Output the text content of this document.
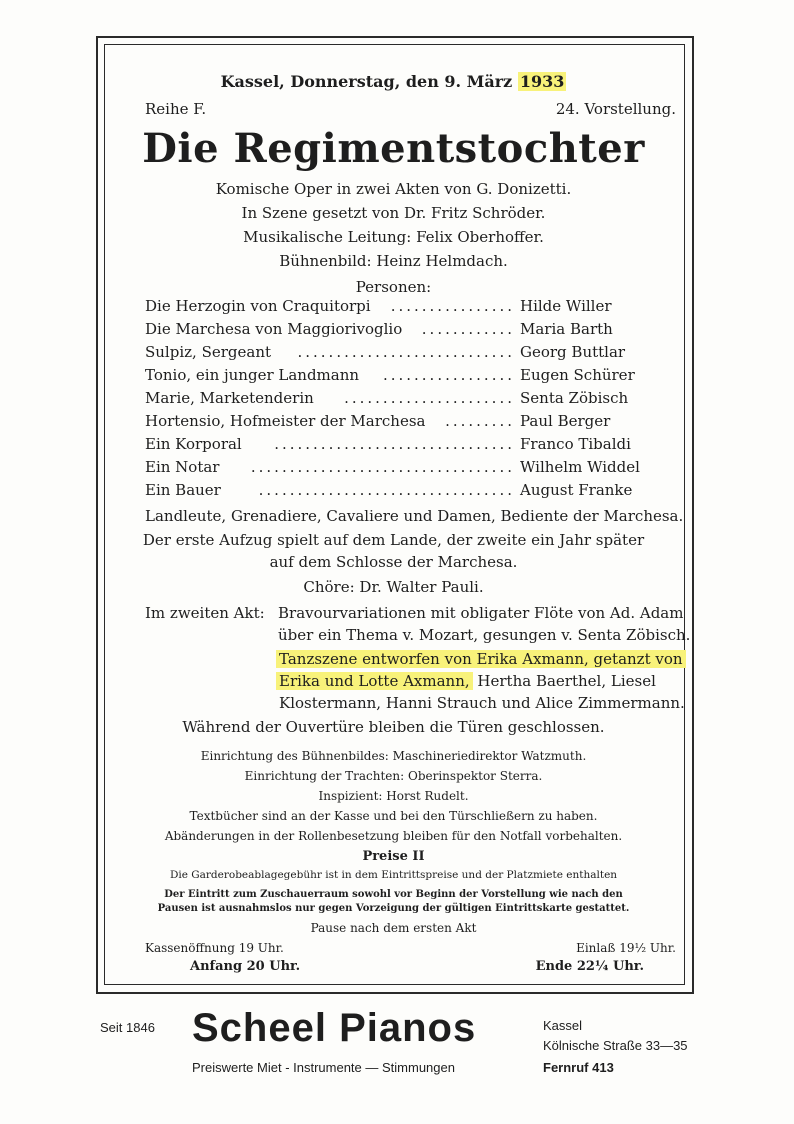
Kassel, Donnerstag, den 9. März 1933
Reihe F.	24. Vorstellung.
Die Regimentstochter
Komische Oper in zwei Akten von G. Donizetti.
In Szene gesetzt von Dr. Fritz Schröder.
Musikalische Leitung: Felix Oberhoffer.
Bühnenbild: Heinz Helmdach.
Personen:
Die Herzogin von Craquitorpi	................ Hilde Willer
Die Marchesa von Maggiorivoglio	............ Maria Barth
Sulpiz, Sergeant	............................ Georg Buttlar
Tonio, ein junger Landmann	................. Eugen Schürer
Marie, Marketenderin	...................... Senta Zöbisch
Hortensio, Hofmeister der Marchesa	......... Paul Berger
Ein Korporal	............................... Franco Tibaldi
Ein Notar	.................................. Wilhelm Widdel
Ein Bauer	................................. August Franke
Landleute, Grenadiere, Cavaliere und Damen, Bediente der Marchesa.
Der erste Aufzug spielt auf dem Lande, der zweite ein Jahr später
auf dem Schlosse der Marchesa.
Chöre: Dr. Walter Pauli.
Im zweiten Akt: Bravourvariationen mit obligater Flöte von Ad. Adam
über ein Thema v. Mozart, gesungen v. Senta Zöbisch.
Tanzszene entworfen von Erika Axmann, getanzt von
Erika und Lotte Axmann, Hertha Baerthel, Liesel
Klostermann, Hanni Strauch und Alice Zimmermann.
Während der Ouvertüre bleiben die Türen geschlossen.
Einrichtung des Bühnenbildes: Maschineriedirektor Watzmuth.
Einrichtung der Trachten: Oberinspektor Sterra.
Inspizient: Horst Rudelt.
Textbücher sind an der Kasse und bei den Türschließern zu haben.
Abänderungen in der Rollenbesetzung bleiben für den Notfall vorbehalten.
Preise II
Die Garderobeablagegebühr ist in dem Eintrittspreise und der Platzmiete enthalten
Der Eintritt zum Zuschauerraum sowohl vor Beginn der Vorstellung wie nach den
Pausen ist ausnahmslos nur gegen Vorzeigung der gültigen Eintrittskarte gestattet.
Pause nach dem ersten Akt
Kassenöffnung 19 Uhr.	Einlaß 19½ Uhr.
Anfang 20 Uhr.	Ende 22¼ Uhr.
Seit 1846 Scheel Pianos
Preiswerte Miet - Instrumente — Stimmungen
Kassel
Kölnische Straße 33—35
Fernruf 413
